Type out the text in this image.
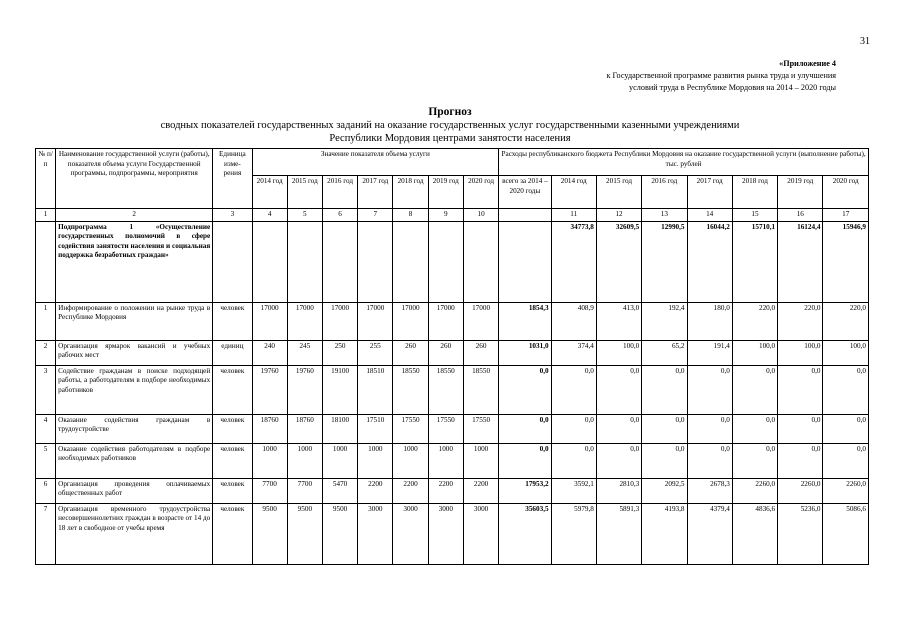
31
«Приложение 4
к Государственной программе развития рынка труда и улучшения
условий труда в Республике Мордовия на 2014 – 2020 годы
Прогноз
сводных показателей государственных заданий на оказание государственных услуг государственными казенными учреждениями
Республики Мордовия центрами занятости населения
№ п/п	Наименование государственной услуги (работы), показателя объема услуги Государственной программы, подпрограммы, мероприятия	Единица изме-рения	Значение показателя объема услуги							Расходы республиканского бюджета Республики Мордовия на оказание государственной услуги (выполнение работы), тыс. рублей							
			2014 год	2015 год	2016 год	2017 год	2018 год	2019 год	2020 год	всего за 2014 – 2020 годы	2014 год	2015 год	2016 год	2017 год	2018 год	2019 год	2020 год
1	2	3	4	5	6	7	8	9	10		11	12	13	14	15	16	17
	Подпрограмма 1 «Осуществление государственных полномочий в сфере содействия занятости населения и социальная поддержка безработных граждан»										34773,8	32609,5	12990,5	16044,2	15710,1	16124,4	15946,9
1	Информирование о положении на рынке труда в Республике Мордовия	человек	17000	17000	17000	17000	17000	17000	17000	1854,3	408,9	413,0	192,4	180,0	220,0	220,0	220,0
2	Организация ярмарок вакансий и учебных рабочих мест	единиц	240	245	250	255	260	260	260	1031,0	374,4	100,0	65,2	191,4	100,0	100,0	100,0
3	Содействие гражданам в поиске подходящей работы, а работодателям в подборе необходимых работников	человек	19760	19760	19100	18510	18550	18550	18550	0,0	0,0	0,0	0,0	0,0	0,0	0,0	0,0
4	Оказание содействия гражданам в трудоустройстве	человек	18760	18760	18100	17510	17550	17550	17550	0,0	0,0	0,0	0,0	0,0	0,0	0,0	0,0
5	Оказание содействия работодателям в подборе необходимых работников	человек	1000	1000	1000	1000	1000	1000	1000	0,0	0,0	0,0	0,0	0,0	0,0	0,0	0,0
6	Организация проведения оплачиваемых общественных работ	человек	7700	7700	5470	2200	2200	2200	2200	17953,2	3592,1	2810,3	2092,5	2678,3	2260,0	2260,0	2260,0
7	Организация временного трудоустройства несовершеннолетних граждан в возрасте от 14 до 18 лет в свободное от учебы время	человек	9500	9500	9500	3000	3000	3000	3000	35603,5	5979,8	5891,3	4193,8	4379,4	4836,6	5236,0	5086,6
